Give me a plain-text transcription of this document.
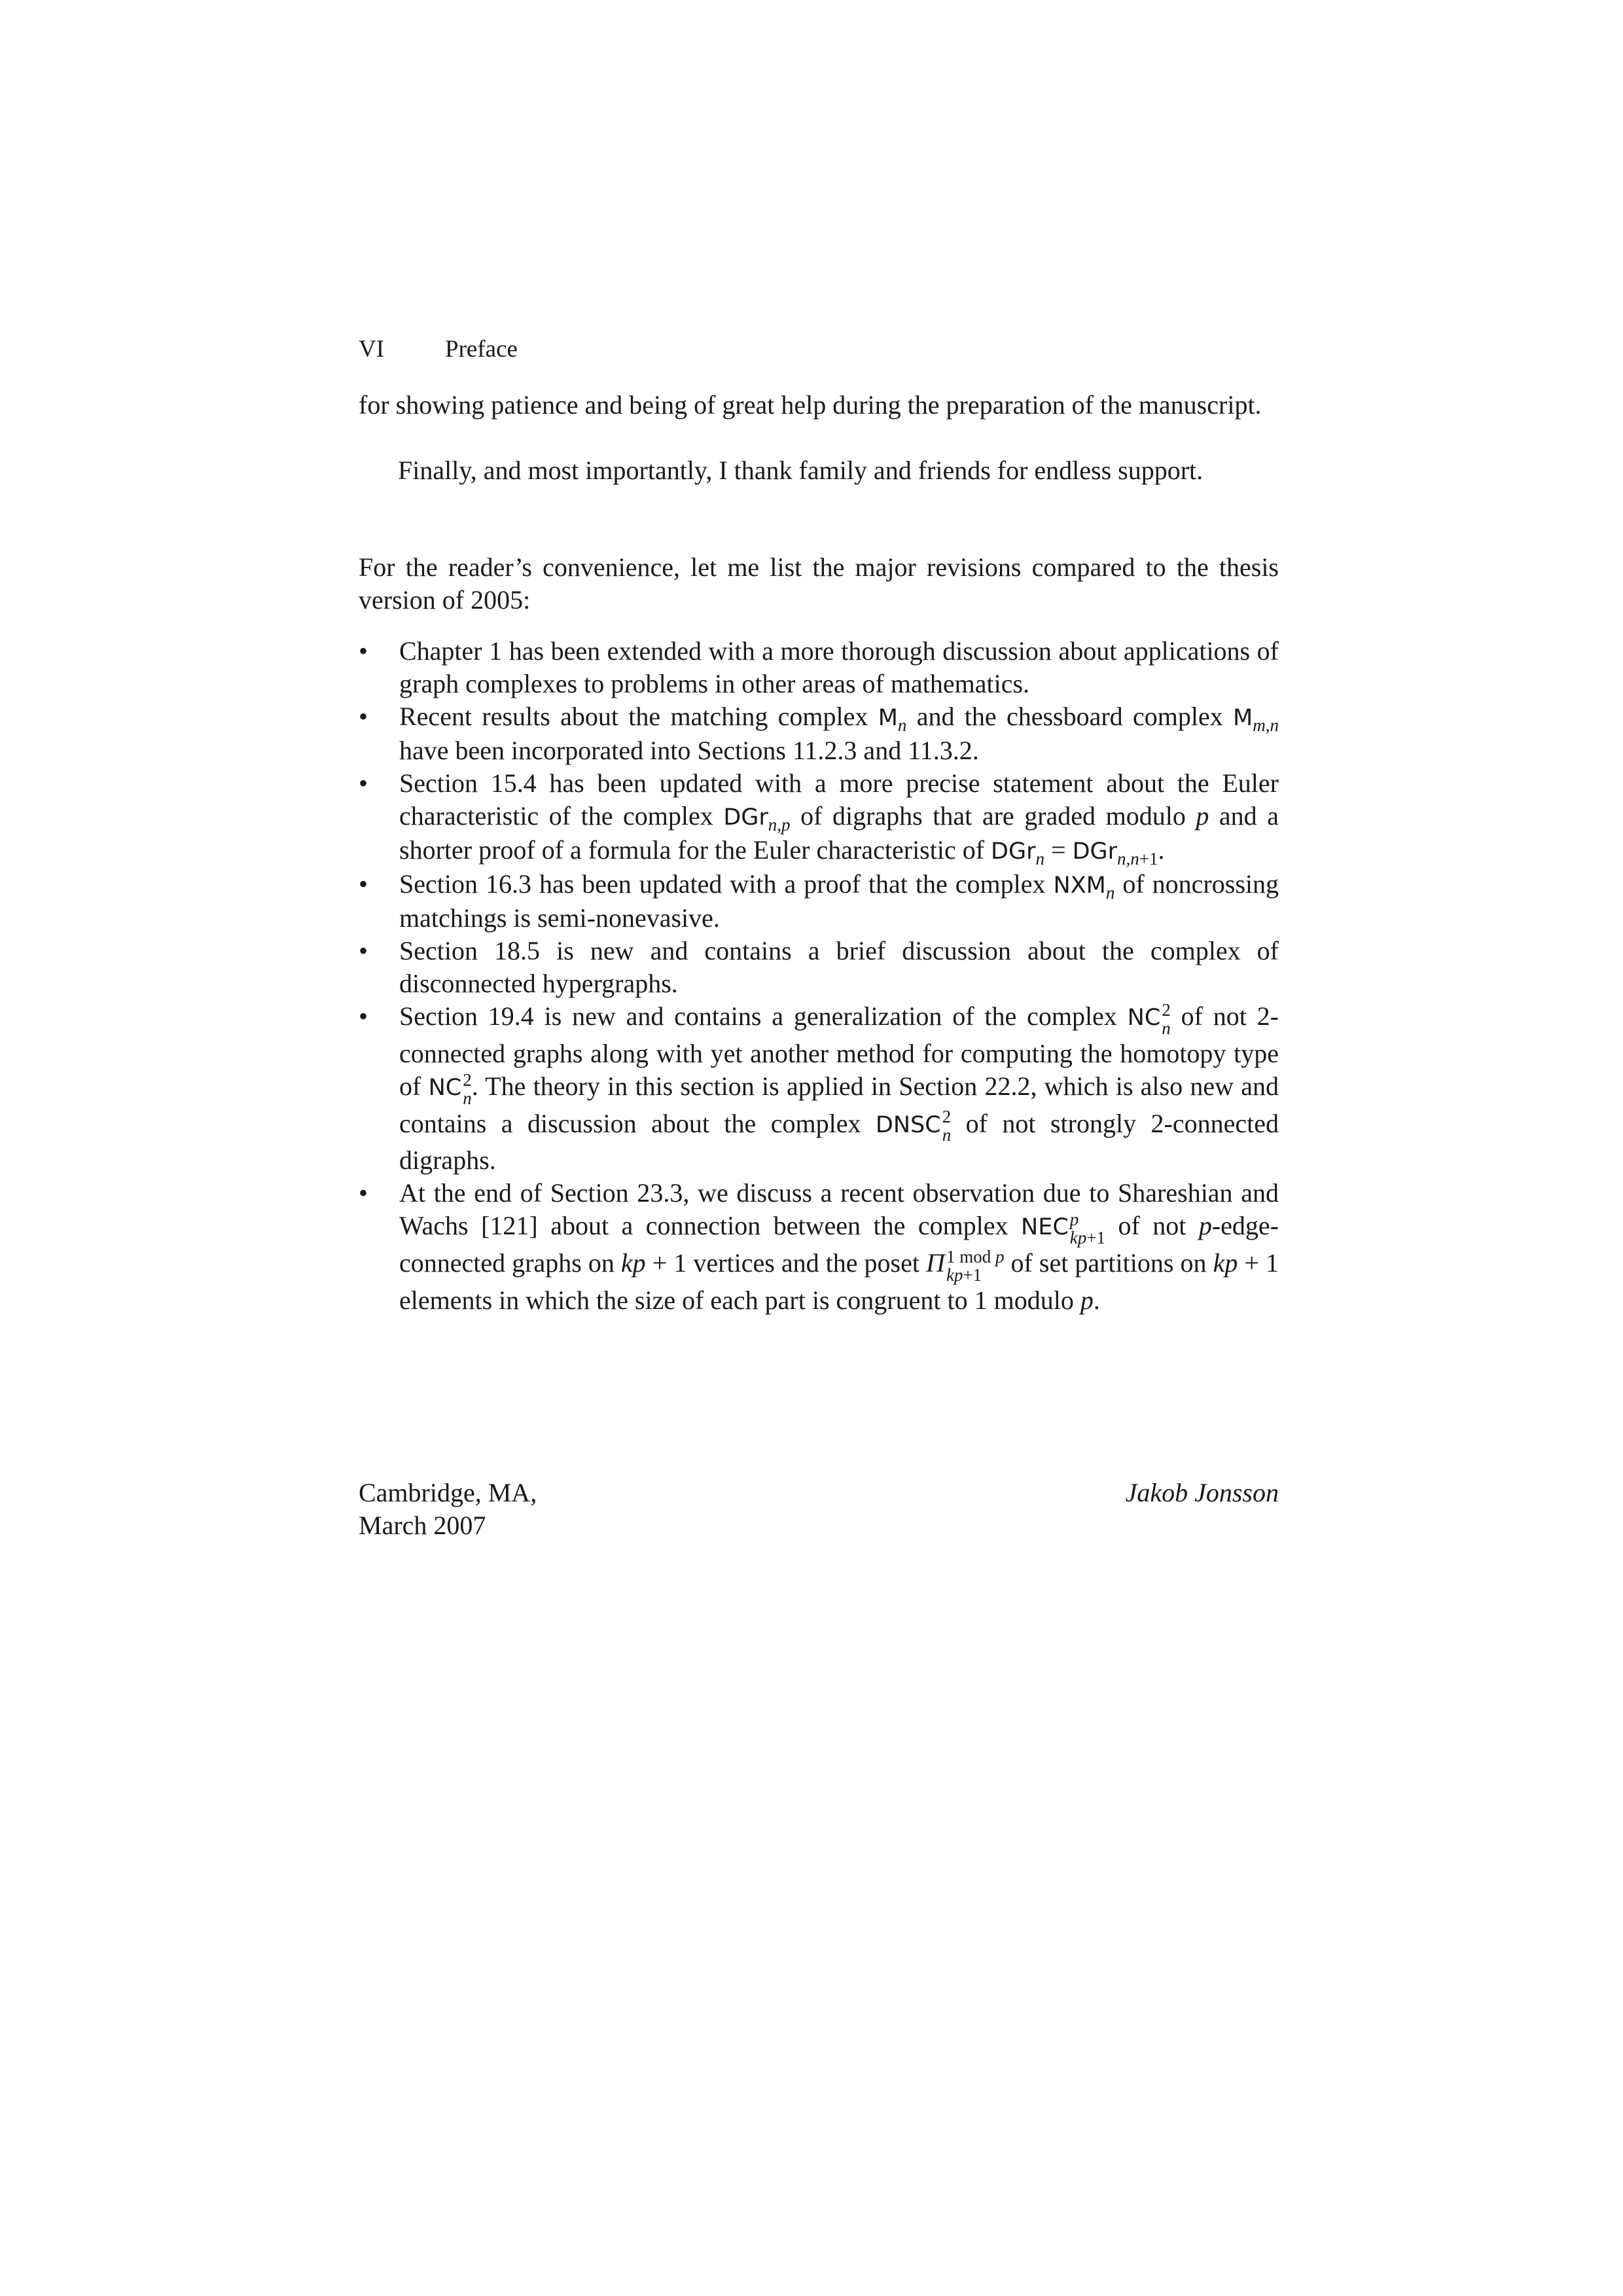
VI	Preface

for showing patience and being of great help during the preparation of the manuscript.

Finally, and most importantly, I thank family and friends for endless support.

For the reader’s convenience, let me list the major revisions compared to the thesis version of 2005:

• Chapter 1 has been extended with a more thorough discussion about applications of graph complexes to problems in other areas of mathematics.
• Recent results about the matching complex $M_n$ and the chessboard complex $M_{m,n}$ have been incorporated into Sections 11.2.3 and 11.3.2.
• Section 15.4 has been updated with a more precise statement about the Euler characteristic of the complex DGr$_{n,p}$ of digraphs that are graded modulo p and a shorter proof of a formula for the Euler characteristic of DGr$_n$ = DGr$_{n,n+1}$.
• Section 16.3 has been updated with a proof that the complex $NXM_n$ of noncrossing matchings is semi-nonevasive.
• Section 18.5 is new and contains a brief discussion about the complex of disconnected hypergraphs.
• Section 19.4 is new and contains a generalization of the complex NC 2
n of not 2-connected graphs along with yet another method for computing the homotopy type of NC 2
n . The theory in this section is applied in Section 22.2, which is also new and contains a discussion about the complex DNSC 2
n of not strongly 2-connected digraphs.
• At the end of Section 23.3, we discuss a recent observation due to Shareshian and Wachs [121] about a connection between the complex NEC p
kp+1 of not p-edge-connected graphs on kp + 1 vertices and the poset Π 1 mod p
kp+1 of set partitions on kp + 1 elements in which the size of each part is congruent to 1 modulo p.
Cambridge, MA,
March 2007
Jakob Jonsson
